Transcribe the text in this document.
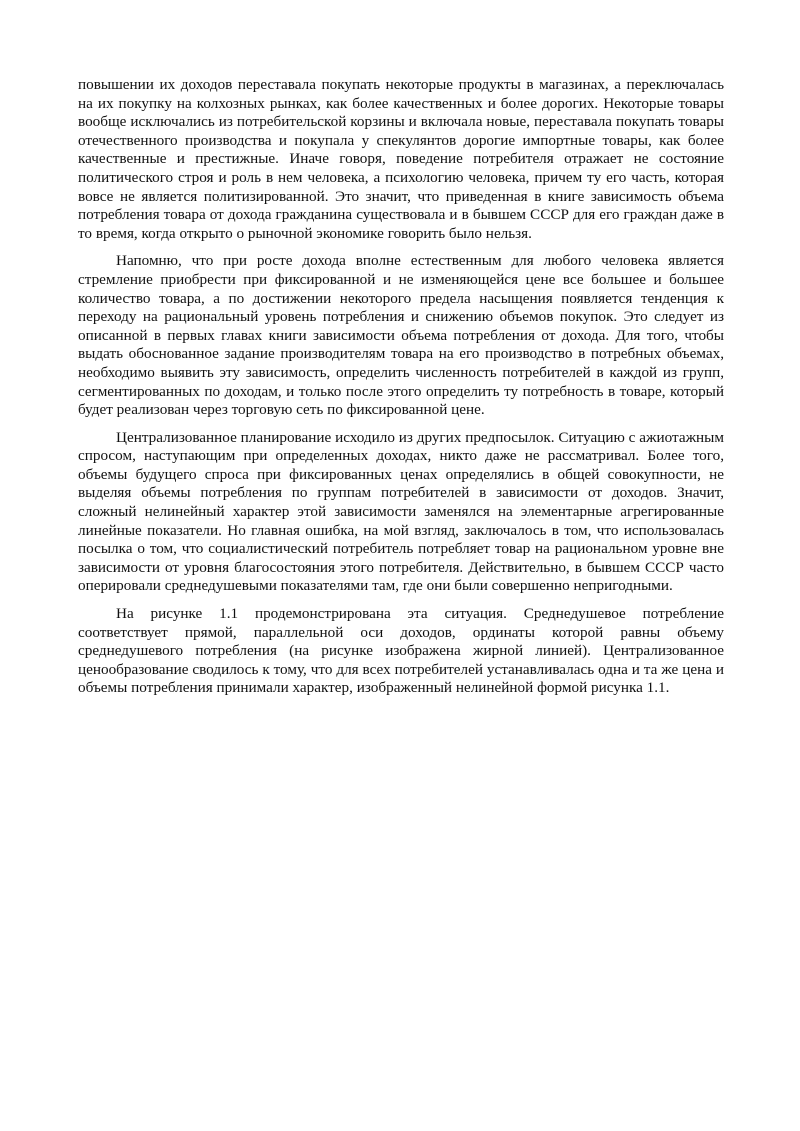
повышении их доходов переставала покупать некоторые продукты в магазинах, а переключалась на их покупку на колхозных рынках, как более качественных и более дорогих. Некоторые товары вообще исключались из потребительской корзины и включала новые, переставала покупать товары отечественного производства и покупала у спекулянтов дорогие импортные товары, как более качественные и престижные. Иначе говоря, поведение потребителя отражает не состояние политического строя и роль в нем человека, а психологию человека, причем ту его часть, которая вовсе не является политизированной. Это значит, что приведенная в книге зависимость объема потребления товара от дохода гражданина существовала и в бывшем СССР для его граждан даже в то время, когда открыто о рыночной экономике говорить было нельзя.

Напомню, что при росте дохода вполне естественным для любого человека является стремление приобрести при фиксированной и не изменяющейся цене все большее и большее количество товара, а по достижении некоторого предела насыщения появляется тенденция к переходу на рациональный уровень потребления и снижению объемов покупок. Это следует из описанной в первых главах книги зависимости объема потребления от дохода. Для того, чтобы выдать обоснованное задание производителям товара на его производство в потребных объемах, необходимо выявить эту зависимость, определить численность потребителей в каждой из групп, сегментированных по доходам, и только после этого определить ту потребность в товаре, который будет реализован через торговую сеть по фиксированной цене.

Централизованное планирование исходило из других предпосылок. Ситуацию с ажиотажным спросом, наступающим при определенных доходах, никто даже не рассматривал. Более того, объемы будущего спроса при фиксированных ценах определялись в общей совокупности, не выделяя объемы потребления по группам потребителей в зависимости от доходов. Значит, сложный нелинейный характер этой зависимости заменялся на элементарные агрегированные линейные показатели. Но главная ошибка, на мой взгляд, заключалось в том, что использовалась посылка о том, что социалистический потребитель потребляет товар на рациональном уровне вне зависимости от уровня благосостояния этого потребителя. Действительно, в бывшем СССР часто оперировали среднедушевыми показателями там, где они были совершенно непригодными.

На рисунке 1.1 продемонстрирована эта ситуация. Среднедушевое потребление соответствует прямой, параллельной оси доходов, ординаты которой равны объему среднедушевого потребления (на рисунке изображена жирной линией). Централизованное ценообразование сводилось к тому, что для всех потребителей устанавливалась одна и та же цена и объемы потребления принимали характер, изображенный нелинейной формой рисунка 1.1.
